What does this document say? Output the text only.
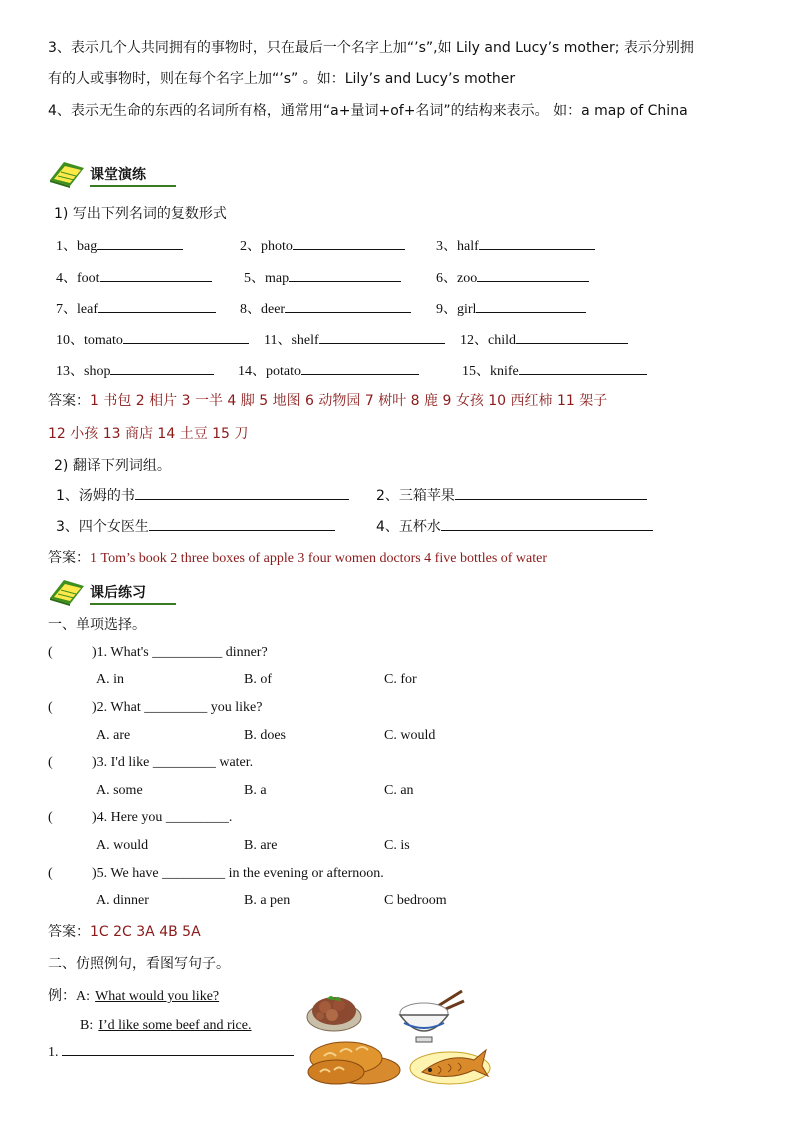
3、表示几个人共同拥有的事物时，只在最后一个名字上加“’s”,如 Lily and Lucy’s mother; 表示分别拥
有的人或事物时，则在每个名字上加“’s” 。如：Lily’s and Lucy’s mother
4、表示无生命的东西的名词所有格，通常用“a+量词+of+名词”的结构来表示。 如：a map of China
课堂演练
1) 写出下列名词的复数形式
1、bag	2、photo	3、half
4、foot	5、map	6、zoo
7、leaf	8、deer	9、girl
10、tomato	11、shelf	12、child
13、shop	14、potato	15、knife
答案：1 书包 2 相片 3 一半 4 脚 5 地图 6 动物园 7 树叶 8 鹿 9 女孩 10 西红柿 11 架子
12 小孩 13 商店 14 土豆 15 刀
2) 翻译下列词组。
1、汤姆的书	2、三箱苹果
3、四个女医生	4、五杯水
答案：1 Tom’s book 2 three boxes of apple 3 four women doctors 4 five bottles of water
课后练习
一、单项选择。
(	)1. What's __________ dinner?
A. in	B. of	C. for
(	)2. What _________ you like?
A. are	B. does	C. would
(	)3. I'd like _________ water.
A. some	B. a	C. an
(	)4. Here you _________.
A. would	B. are	C. is
(	)5. We have _________ in the evening or afternoon.
A. dinner	B. a pen	C bedroom
答案：1C 2C 3A 4B 5A
二、仿照例句，看图写句子。
例：A: What would you like?
B: I’d like some beef and rice.
1.
